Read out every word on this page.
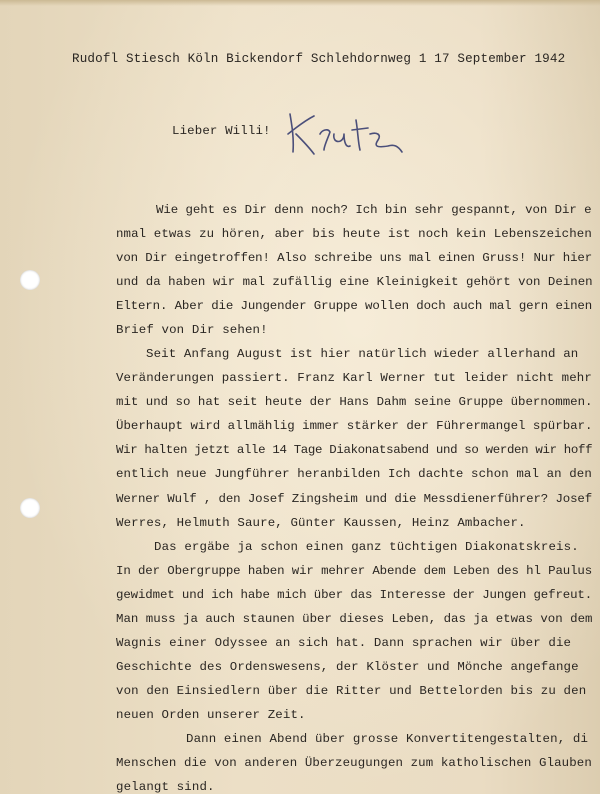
​
Rudofl Stiesch Köln Bickendorf Schlehdornweg 1 17 September 1942
Lieber Willi!
Wie geht es Dir denn noch? Ich bin sehr gespannt, von Dir e
nmal etwas zu hören, aber bis heute ist noch kein Lebenszeichen
von Dir eingetroffen! Also schreibe uns mal einen Gruss! Nur hier
und da haben wir mal zufällig eine Kleinigkeit gehört von Deinen
Eltern. Aber die Jungender Gruppe wollen doch auch mal gern einen
Brief von Dir sehen!
Seit Anfang August ist hier natürlich wieder allerhand an
Veränderungen passiert. Franz Karl Werner tut leider nicht mehr
mit und so hat seit heute der Hans Dahm seine Gruppe übernommen.
Überhaupt wird allmählig immer stärker der Führermangel spürbar.
Wir halten jetzt alle 14 Tage Diakonatsabend und so werden wir hoff
entlich neue Jungführer heranbilden Ich dachte schon mal an den
Werner Wulf , den Josef Zingsheim und die Messdienerführer? Josef
Werres, Helmuth Saure, Günter Kaussen, Heinz Ambacher.
Das ergäbe ja schon einen ganz tüchtigen Diakonatskreis.
In der Obergruppe haben wir mehrer Abende dem Leben des hl Paulus
gewidmet und ich habe mich über das Interesse der Jungen gefreut.
Man muss ja auch staunen über dieses Leben, das ja etwas von dem
Wagnis einer Odyssee an sich hat. Dann sprachen wir über die
Geschichte des Ordenswesens, der Klöster und Mönche angefange
von den Einsiedlern über die Ritter und Bettelorden bis zu den
neuen Orden unserer Zeit.
Dann einen Abend über grosse Konvertitengestalten, di
Menschen die von anderen Überzeugungen zum katholischen Glauben
gelangt sind.
